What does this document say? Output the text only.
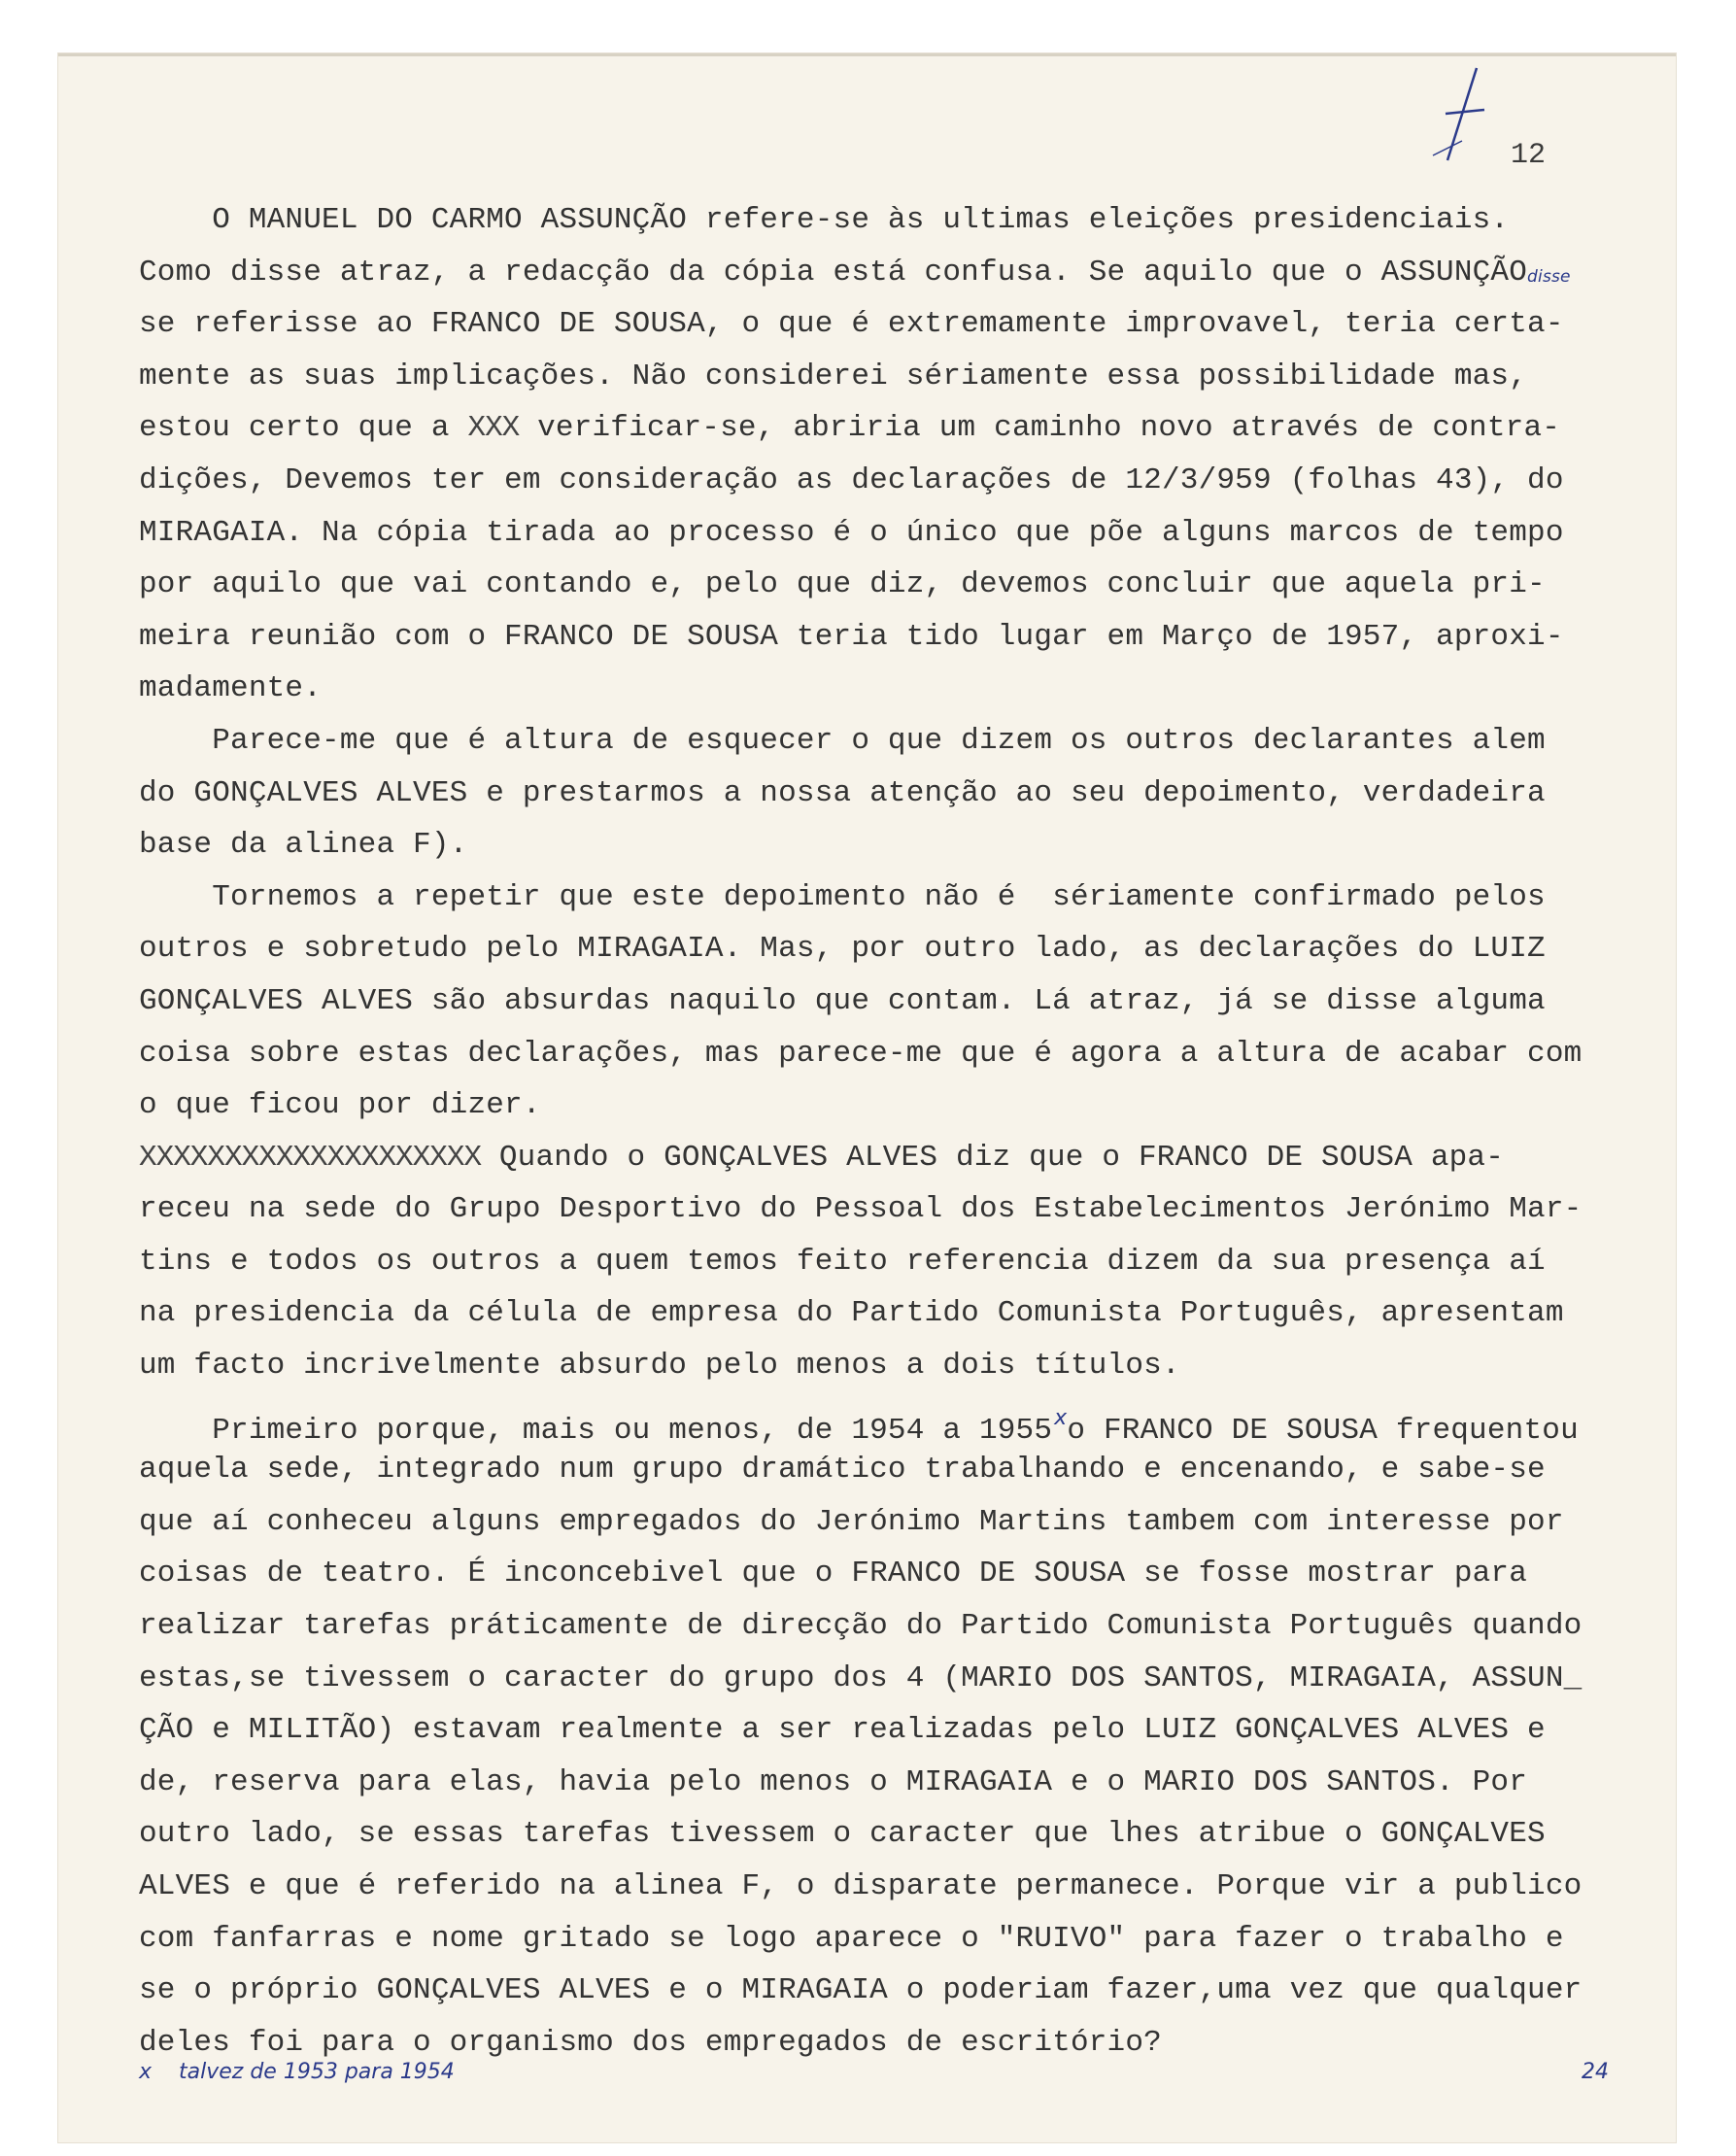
12
O MANUEL DO CARMO ASSUNÇÃO refere-se às ultimas eleições presidenciais.
Como disse atraz, a redacção da cópia está confusa. Se aquilo que o ASSUNÇÃOdisse
se referisse ao FRANCO DE SOUSA, o que é extremamente improvavel, teria certa-
mente as suas implicações. Não considerei sériamente essa possibilidade mas,
estou certo que a XXX verificar-se, abriria um caminho novo através de contra-
dições, Devemos ter em consideração as declarações de 12/3/959 (folhas 43), do
MIRAGAIA. Na cópia tirada ao processo é o único que põe alguns marcos de tempo
por aquilo que vai contando e, pelo que diz, devemos concluir que aquela pri-
meira reunião com o FRANCO DE SOUSA teria tido lugar em Março de 1957, aproxi-
madamente.
Parece-me que é altura de esquecer o que dizem os outros declarantes alem
do GONÇALVES ALVES e prestarmos a nossa atenção ao seu depoimento, verdadeira
base da alinea F).
Tornemos a repetir que este depoimento não é  sériamente confirmado pelos
outros e sobretudo pelo MIRAGAIA. Mas, por outro lado, as declarações do LUIZ
GONÇALVES ALVES são absurdas naquilo que contam. Lá atraz, já se disse alguma
coisa sobre estas declarações, mas parece-me que é agora a altura de acabar com
o que ficou por dizer.
XXXXXXXXXXXXXXXXXXXX Quando o GONÇALVES ALVES diz que o FRANCO DE SOUSA apa-
receu na sede do Grupo Desportivo do Pessoal dos Estabelecimentos Jerónimo Mar-
tins e todos os outros a quem temos feito referencia dizem da sua presença aí
na presidencia da célula de empresa do Partido Comunista Português, apresentam
um facto incrivelmente absurdo pelo menos a dois títulos.
Primeiro porque, mais ou menos, de 1954 a 1955$^x$o FRANCO DE SOUSA frequentou
aquela sede, integrado num grupo dramático trabalhando e encenando, e sabe-se
que aí conheceu alguns empregados do Jerónimo Martins tambem com interesse por
coisas de teatro. É inconcebivel que o FRANCO DE SOUSA se fosse mostrar para
realizar tarefas práticamente de direcção do Partido Comunista Português quando
estas,se tivessem o caracter do grupo dos 4 (MARIO DOS SANTOS, MIRAGAIA, ASSUN_
ÇÃO e MILITÃO) estavam realmente a ser realizadas pelo LUIZ GONÇALVES ALVES e
de, reserva para elas, havia pelo menos o MIRAGAIA e o MARIO DOS SANTOS. Por
outro lado, se essas tarefas tivessem o caracter que lhes atribue o GONÇALVES
ALVES e que é referido na alinea F, o disparate permanece. Porque vir a publico
com fanfarras e nome gritado se logo aparece o "RUIVO" para fazer o trabalho e
se o próprio GONÇALVES ALVES e o MIRAGAIA o poderiam fazer,uma vez que qualquer
deles foi para o organismo dos empregados de escritório?
x talvez de 1953 para 1954	24
